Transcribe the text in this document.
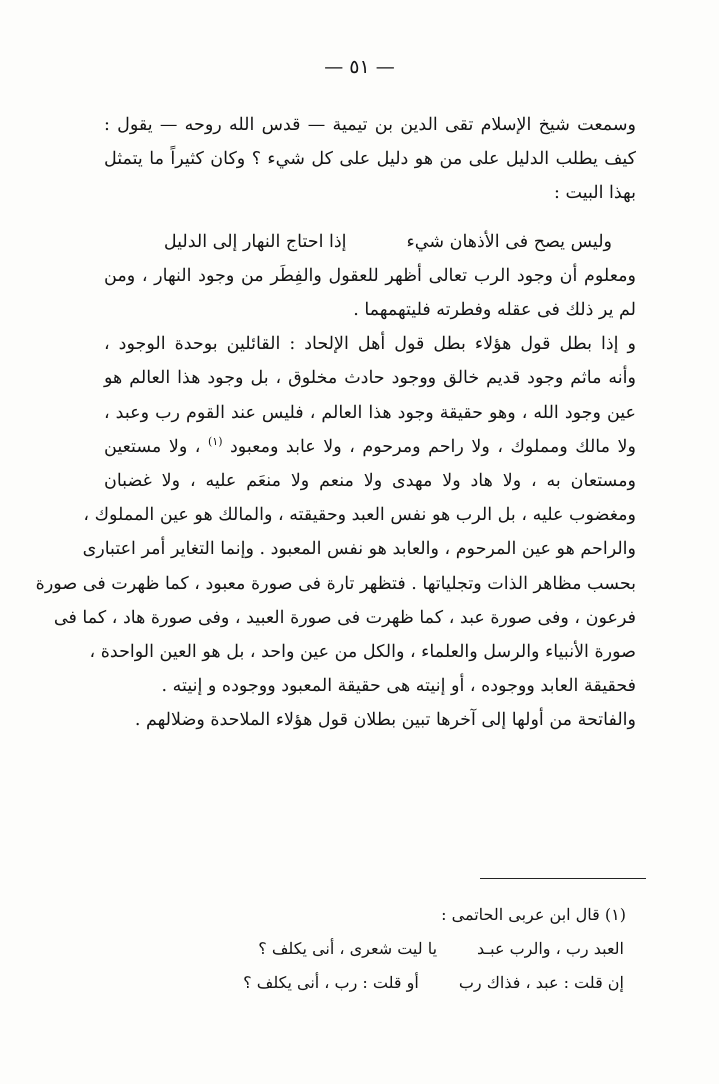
— ٥١ —
وسمعت شيخ الإسلام تقى الدين بن تيمية — قدس الله روحه — يقول :
كيف يطلب الدليل على من هو دليل على كل شيء ؟ وكان كثيراً ما يتمثل
بهذا البيت :
وليس يصح فى الأذهان شيء
إذا احتاج النهار إلى الدليل
ومعلوم أن وجود الرب تعالى أظهر للعقول والفِطَر من وجود النهار ، ومن
لم ير ذلك فى عقله وفطرته فليتهمهما .
و إذا بطل قول هؤلاء بطل قول أهل الإلحاد : القائلين بوحدة الوجود ،
وأنه ماثم وجود قديم خالق ووجود حادث مخلوق ، بل وجود هذا العالم هو
عين وجود الله ، وهو حقيقة وجود هذا العالم ، فليس عند القوم رب وعبد ،
ولا مالك ومملوك ، ولا راحم ومرحوم ، ولا عابد ومعبود $^{(١)}$ ، ولا مستعين
ومستعان به ، ولا هاد ولا مهدى ولا منعم ولا منعَم عليه ، ولا غضبان
ومغضوب عليه ، بل الرب هو نفس العبد وحقيقته ، والمالك هو عين المملوك ،
والراحم هو عين المرحوم ، والعابد هو نفس المعبود . وإنما التغاير أمر اعتبارى
بحسب مظاهر الذات وتجلياتها . فتظهر تارة فى صورة معبود ، كما ظهرت فى صورة
فرعون ، وفى صورة عبد ، كما ظهرت فى صورة العبيد ، وفى صورة هاد ، كما فى
صورة الأنبياء والرسل والعلماء ، والكل من عين واحد ، بل هو العين الواحدة ،
فحقيقة العابد ووجوده ، أو إنيته هى حقيقة المعبود ووجوده و إنيته .
والفاتحة من أولها إلى آخرها تبين بطلان قول هؤلاء الملاحدة وضلالهم .
(١) قال ابن عربى الحاتمى :
العبد رب ، والرب عبـد
يا ليت شعرى ، أنى يكلف ؟
إن قلت : عبد ، فذاك رب
أو قلت : رب ، أنى يكلف ؟
